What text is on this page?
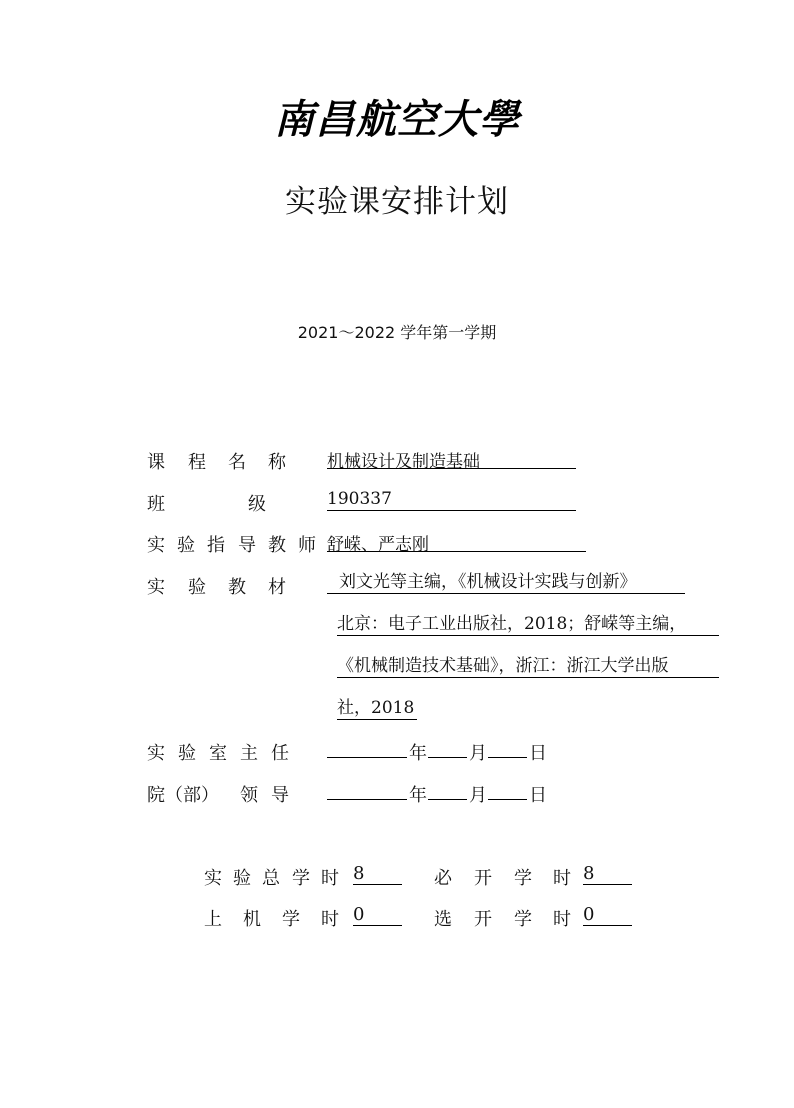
南昌航空大學
实验课安排计划
2021～2022 学年第一学期
课 程 名 称 机械设计及制造基础
班	级	190337
实 验 指 导 教 师 舒嵘、严志刚
实 验 教 材	刘文光等主编，《机械设计实践与创新》
北京：电子工业出版社，2018；舒嵘等主编，
《机械制造技术基础》，浙江：浙江大学出版
社，2018
实 验 室 主 任	年 月 日
院（部） 领 导	年 月 日
实 验 总 学 时 8	必 开 学 时 8
上 机 学 时 0	选 开 学 时 0
